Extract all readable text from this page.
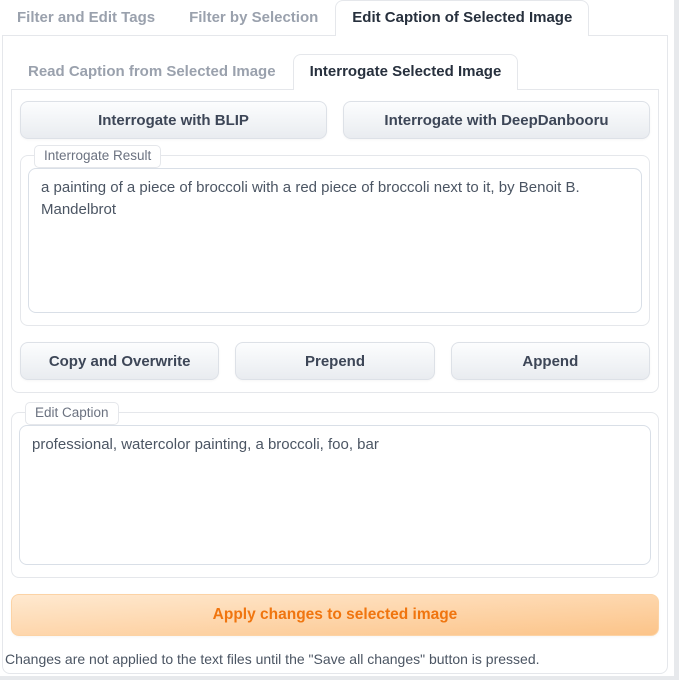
Filter and Edit Tags	Filter by Selection	Edit Caption of Selected Image
Read Caption from Selected Image	Interrogate Selected Image
Interrogate with BLIP	Interrogate with DeepDanbooru
Interrogate Result
a painting of a piece of broccoli with a red piece of broccoli next to it, by Benoit B. Mandelbrot
Copy and Overwrite	Prepend	Append
Edit Caption
professional, watercolor painting, a broccoli, foo, bar
Apply changes to selected image

Changes are not applied to the text files until the "Save all changes" button is pressed.
